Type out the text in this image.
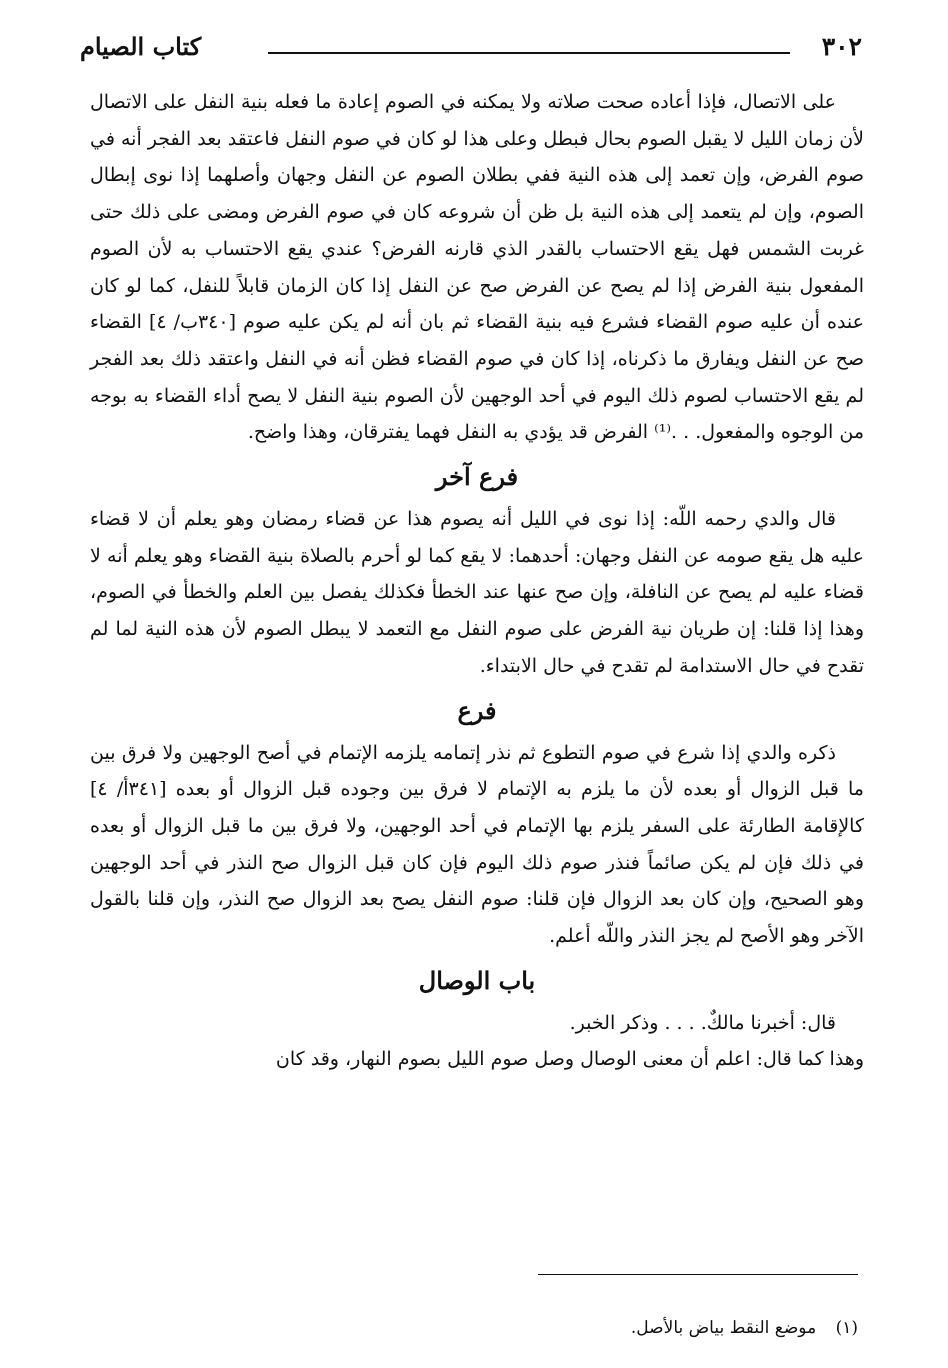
٣٠٢
كتاب الصيام

على الاتصال، فإذا أعاده صحت صلاته ولا يمكنه في الصوم إعادة ما فعله بنية النفل على الاتصال لأن زمان الليل لا يقبل الصوم بحال فبطل وعلى هذا لو كان في صوم النفل فاعتقد بعد الفجر أنه في صوم الفرض، وإن تعمد إلى هذه النية ففي بطلان الصوم عن النفل وجهان وأصلهما إذا نوى إبطال الصوم، وإن لم يتعمد إلى هذه النية بل ظن أن شروعه كان في صوم الفرض ومضى على ذلك حتى غربت الشمس فهل يقع الاحتساب بالقدر الذي قارنه الفرض؟ عندي يقع الاحتساب به لأن الصوم المفعول بنية الفرض إذا لم يصح عن الفرض صح عن النفل إذا كان الزمان قابلاً للنفل، كما لو كان عنده أن عليه صوم القضاء فشرع فيه بنية القضاء ثم بان أنه لم يكن عليه صوم [٣٤٠ب/ ٤] القضاء صح عن النفل ويفارق ما ذكرناه، إذا كان في صوم القضاء فظن أنه في النفل واعتقد ذلك بعد الفجر لم يقع الاحتساب لصوم ذلك اليوم في أحد الوجهين لأن الصوم بنية النفل لا يصح أداء القضاء به بوجه من الوجوه والمفعول. . .⁽¹⁾ الفرض قد يؤدي به النفل فهما يفترقان، وهذا واضح.

فرع آخر

قال والدي رحمه اللّه: إذا نوى في الليل أنه يصوم هذا عن قضاء رمضان وهو يعلم أن لا قضاء عليه هل يقع صومه عن النفل وجهان: أحدهما: لا يقع كما لو أحرم بالصلاة بنية القضاء وهو يعلم أنه لا قضاء عليه لم يصح عن النافلة، وإن صح عنها عند الخطأ فكذلك يفصل بين العلم والخطأ في الصوم، وهذا إذا قلنا: إن طريان نية الفرض على صوم النفل مع التعمد لا يبطل الصوم لأن هذه النية لما لم تقدح في حال الاستدامة لم تقدح في حال الابتداء.

فرع

ذكره والدي إذا شرع في صوم التطوع ثم نذر إتمامه يلزمه الإتمام في أصح الوجهين ولا فرق بين ما قبل الزوال أو بعده لأن ما يلزم به الإتمام لا فرق بين وجوده قبل الزوال أو بعده [٣٤١أ/ ٤] كالإقامة الطارئة على السفر يلزم بها الإتمام في أحد الوجهين، ولا فرق بين ما قبل الزوال أو بعده في ذلك فإن لم يكن صائماً فنذر صوم ذلك اليوم فإن كان قبل الزوال صح النذر في أحد الوجهين وهو الصحيح، وإن كان بعد الزوال فإن قلنا: صوم النفل يصح بعد الزوال صح النذر، وإن قلنا بالقول الآخر وهو الأصح لم يجز النذر واللّه أعلم.

باب الوصال

قال: أخبرنا مالكٌ. . . . وذكر الخبر.

وهذا كما قال: اعلم أن معنى الوصال وصل صوم الليل بصوم النهار، وقد كان

(١) موضع النقط بياض بالأصل.
